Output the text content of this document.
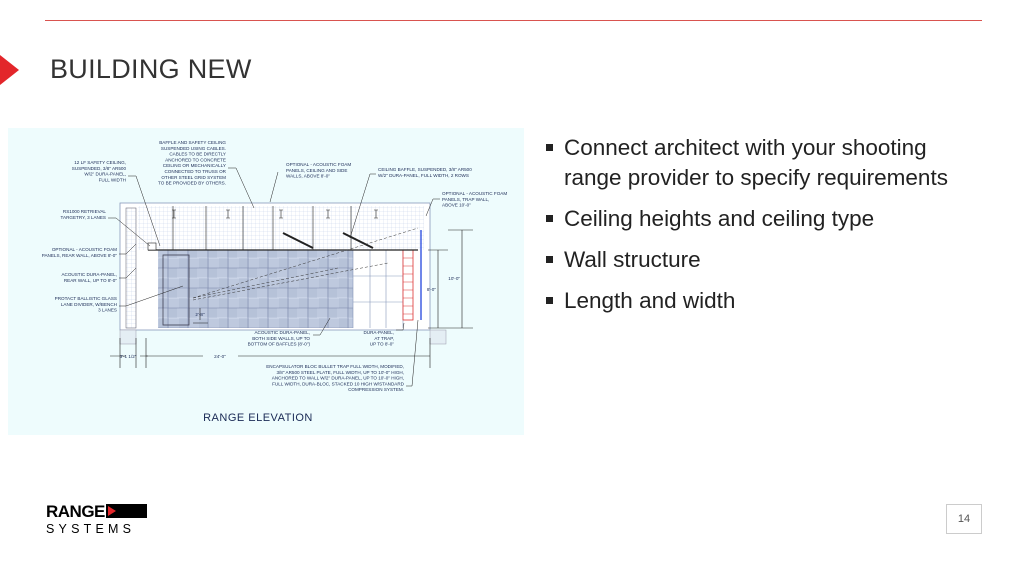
BUILDING NEW
2'-8"
3'-1 1/2"	24'-0"
8'-0"
10'-0"
12 LF SAFETY CEILING, SUSPENDED, 3/8" AR500 W/2" DURA-PANEL, FULL WIDTH
BAFFLE AND SAFETY CEILING SUSPENDED USING CABLES. CABLES TO BE DIRECTLY ANCHORED TO CONCRETE CEILING OR MECHANICALLY CONNECTED TO TRUSS OR OTHER STEEL GRID SYSTEM TO BE PROVIDED BY OTHERS.
RS1000 RETRIEVAL TARGETRY, 3 LANES
OPTIONAL - ACOUSTIC FOAM PANELS, REAR WALL, ABOVE 8'-0"
ACOUSTIC DURA-PANEL, REAR WALL, UP TO 8'-0"
PROTACT BALLISTIC GLASS LANE DIVIDER, W/BENCH 3 LANES
OPTIONAL - ACOUSTIC FOAM PANELS, CEILING AND SIDE WALLS, ABOVE 8'-0"
CEILING BAFFLE, SUSPENDED, 3/8" AR500 W/2" DURA-PANEL, FULL WIDTH, 2 ROWS
OPTIONAL - ACOUSTIC FOAM PANELS, TRAP WALL, ABOVE 10'-0"
ACOUSTIC DURA-PANEL, BOTH SIDE WALLS, UP TO BOTTOM OF BAFFLES (8'-0")
DURA-PANEL, AT TRAP, UP TO 8'-0"
ENCAPSULATOR BLOC BULLET TRAP FULL WIDTH, MODIFIED, 3/8" AR500 STEEL PLATE, FULL WIDTH, UP TO 10'-0" HIGH, ANCHORED TO WALL W/2" DURA-PANEL, UP TO 10'-0" HIGH, FULL WIDTH, DURA-BLOC, STACKED 10 HIGH W/STANDARD COMPRESSION SYSTEM.
RANGE ELEVATION
Connect architect with your shooting range provider to specify requirements
Ceiling heights and ceiling type
Wall structure
Length and width
RANGE
SYSTEMS
14
